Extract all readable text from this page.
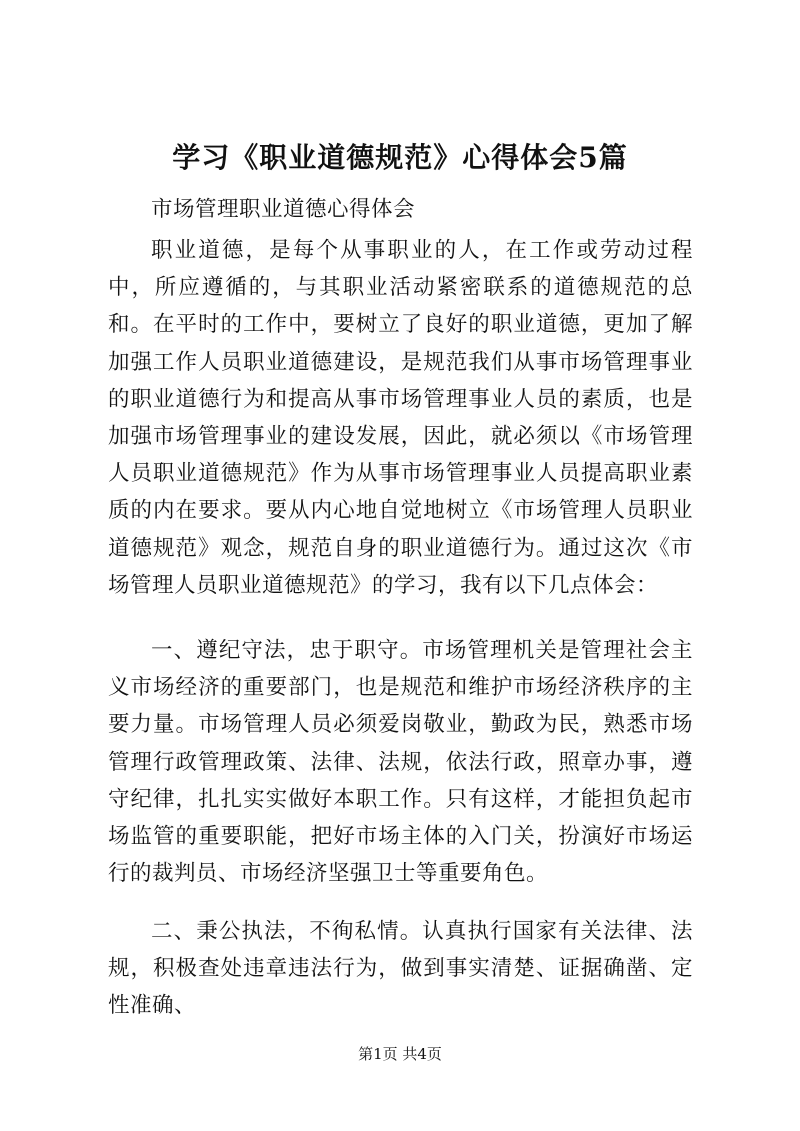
学习《职业道德规范》心得体会5篇

市场管理职业道德心得体会

职业道德，是每个从事职业的人，在工作或劳动过程中，所应遵循的，与其职业活动紧密联系的道德规范的总和。在平时的工作中，要树立了良好的职业道德，更加了解加强工作人员职业道德建设，是规范我们从事市场管理事业的职业道德行为和提高从事市场管理事业人员的素质，也是加强市场管理事业的建设发展，因此，就必须以《市场管理人员职业道德规范》作为从事市场管理事业人员提高职业素质的内在要求。要从内心地自觉地树立《市场管理人员职业道德规范》观念，规范自身的职业道德行为。通过这次《市场管理人员职业道德规范》的学习，我有以下几点体会：

一、遵纪守法，忠于职守。市场管理机关是管理社会主义市场经济的重要部门，也是规范和维护市场经济秩序的主要力量。市场管理人员必须爱岗敬业，勤政为民，熟悉市场管理行政管理政策、法律、法规，依法行政，照章办事，遵守纪律，扎扎实实做好本职工作。只有这样，才能担负起市场监管的重要职能，把好市场主体的入门关，扮演好市场运行的裁判员、市场经济坚强卫士等重要角色。

二、秉公执法，不徇私情。认真执行国家有关法律、法规，积极查处违章违法行为，做到事实清楚、证据确凿、定性准确、

第1页 共4页
